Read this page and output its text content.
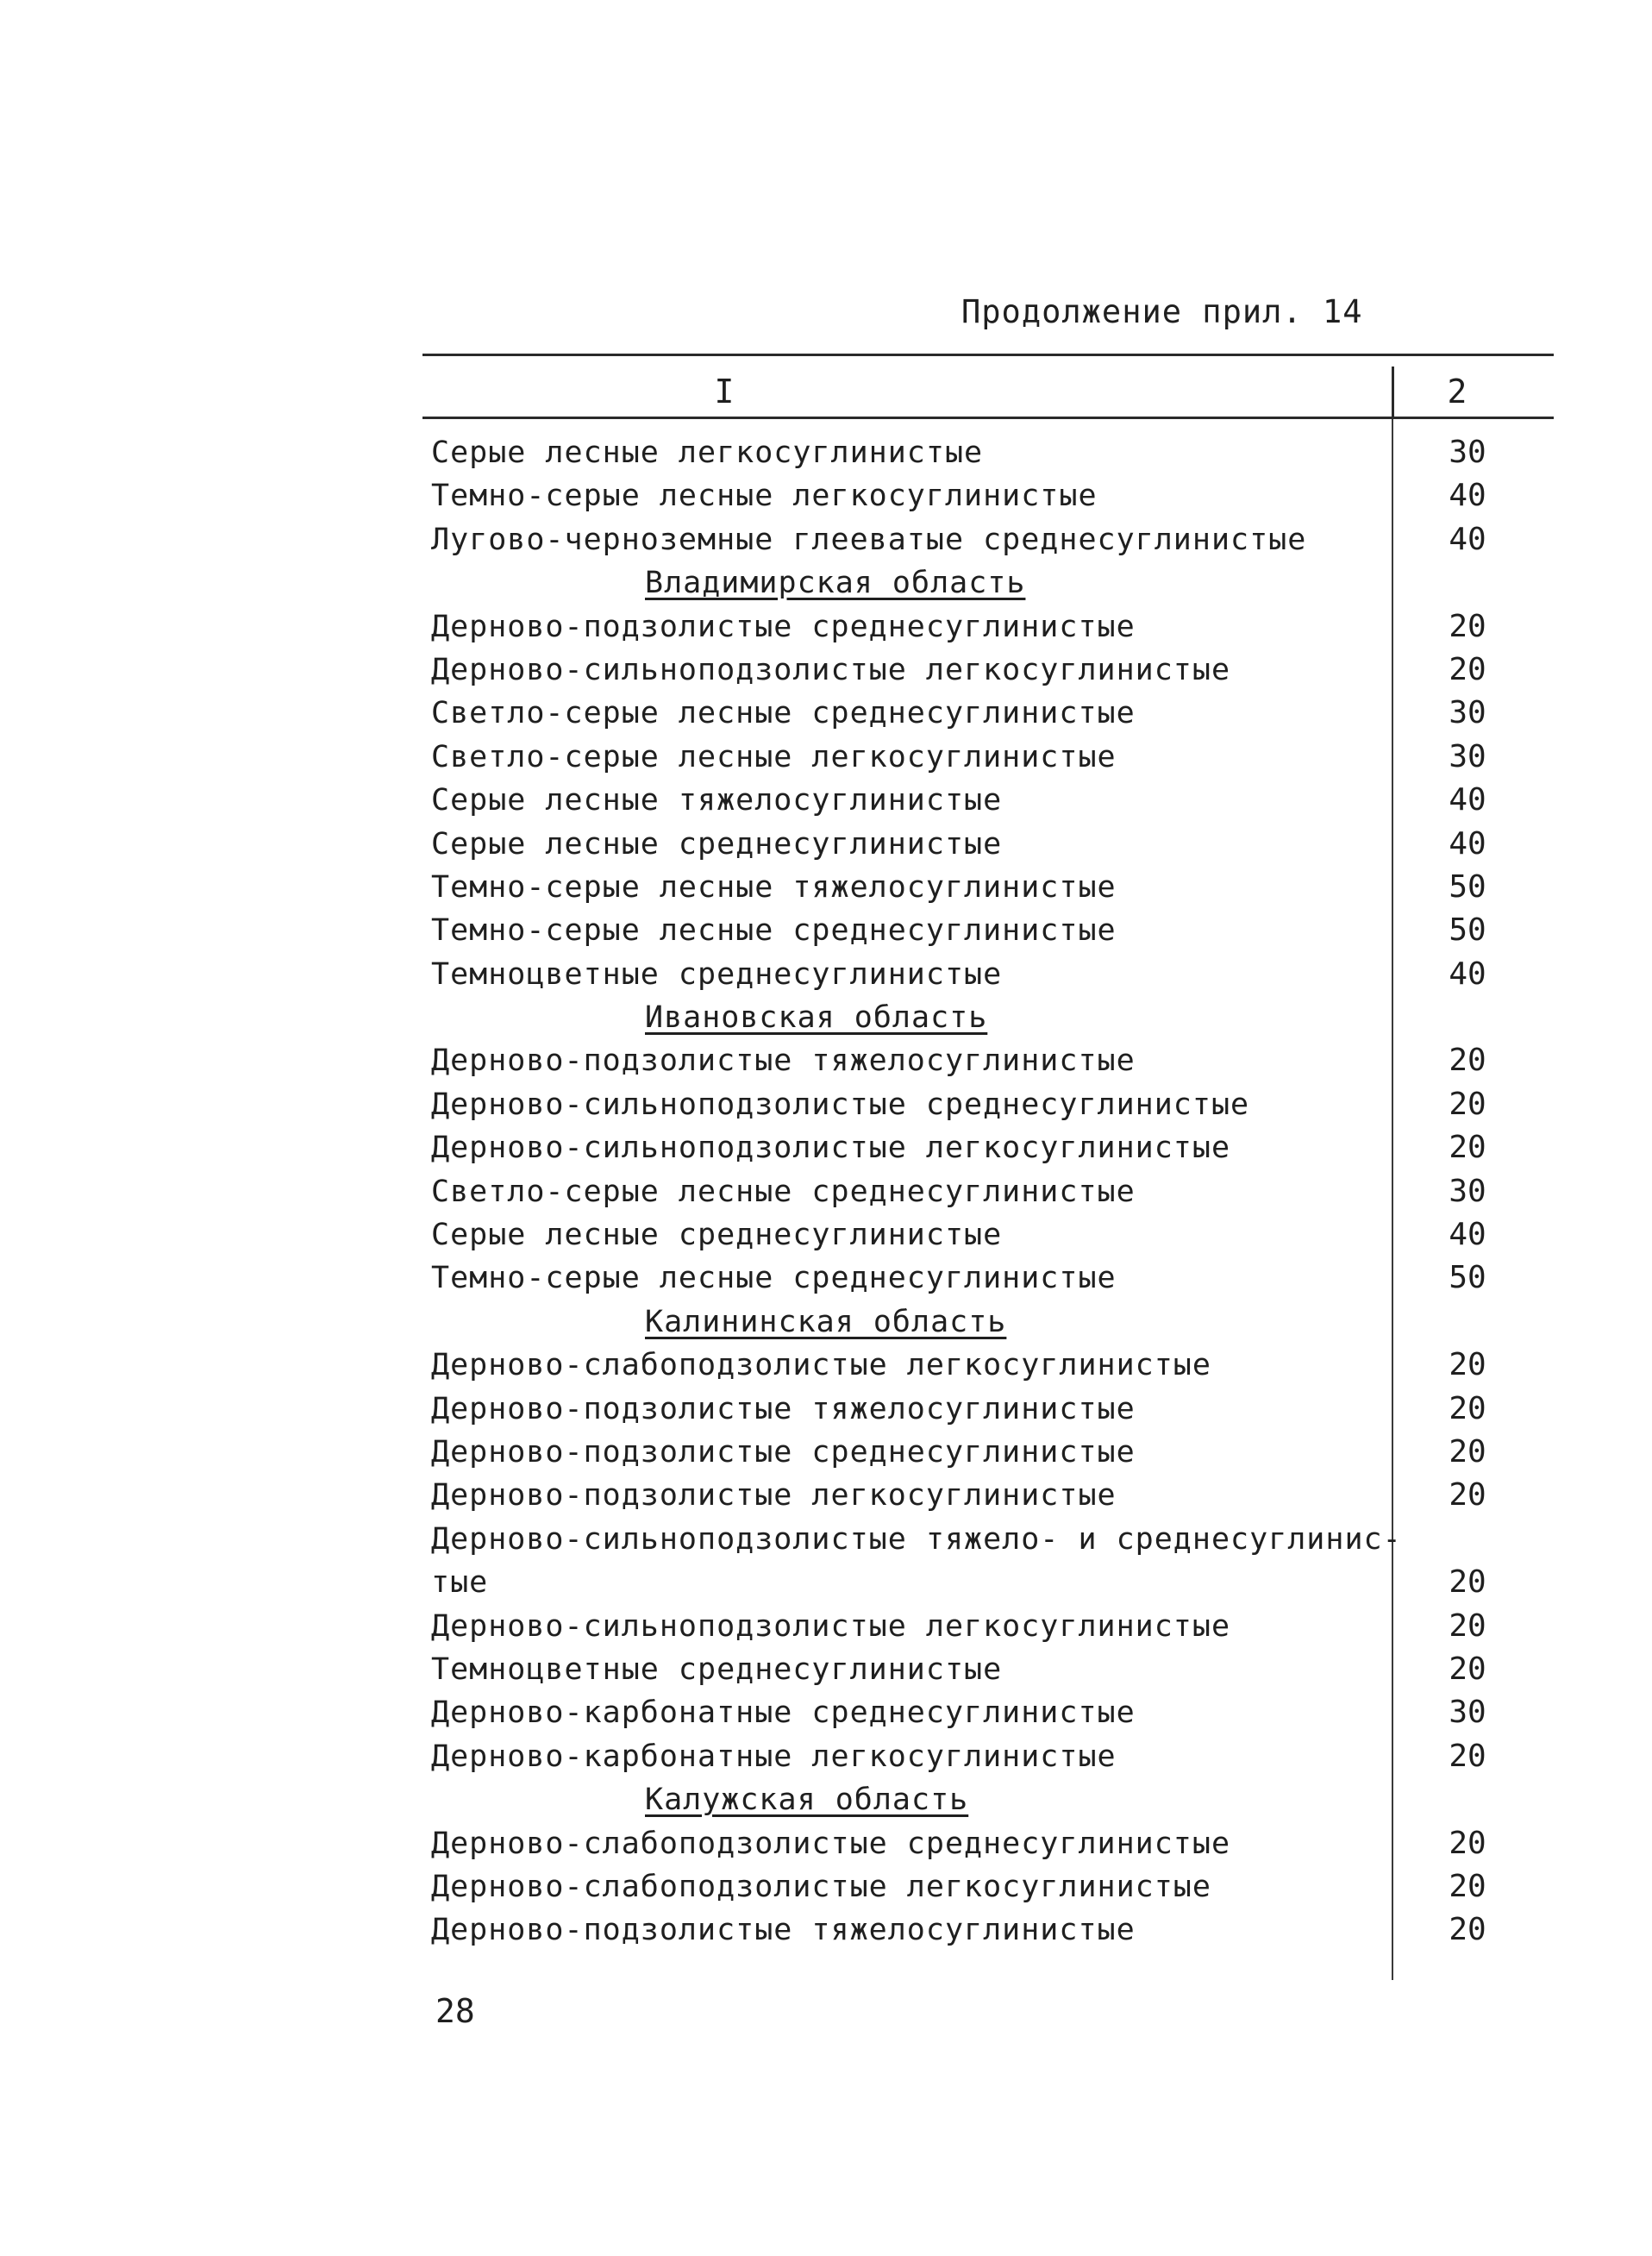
Продолжение прил. 14
I	2
Серые лесные легкосуглинистые	30
Темно-серые лесные легкосуглинистые	40
Лугово-черноземные глееватые среднесуглинистые	40
Владимирская область
Дерново-подзолистые среднесуглинистые	20
Дерново-сильноподзолистые легкосуглинистые	20
Светло-серые лесные среднесуглинистые	30
Светло-серые лесные легкосуглинистые	30
Серые лесные тяжелосуглинистые	40
Серые лесные среднесуглинистые	40
Темно-серые лесные тяжелосуглинистые	50
Темно-серые лесные среднесуглинистые	50
Темноцветные среднесуглинистые	40
Ивановская область
Дерново-подзолистые тяжелосуглинистые	20
Дерново-сильноподзолистые среднесуглинистые	20
Дерново-сильноподзолистые легкосуглинистые	20
Светло-серые лесные среднесуглинистые	30
Серые лесные среднесуглинистые	40
Темно-серые лесные среднесуглинистые	50
Калининская область
Дерново-слабоподзолистые легкосуглинистые	20
Дерново-подзолистые тяжелосуглинистые	20
Дерново-подзолистые среднесуглинистые	20
Дерново-подзолистые легкосуглинистые	20
Дерново-сильноподзолистые тяжело- и среднесуглинис-
тые	20
Дерново-сильноподзолистые легкосуглинистые	20
Темноцветные среднесуглинистые	20
Дерново-карбонатные среднесуглинистые	30
Дерново-карбонатные легкосуглинистые	20
Калужская область
Дерново-слабоподзолистые среднесуглинистые	20
Дерново-слабоподзолистые легкосуглинистые	20
Дерново-подзолистые тяжелосуглинистые	20
28
